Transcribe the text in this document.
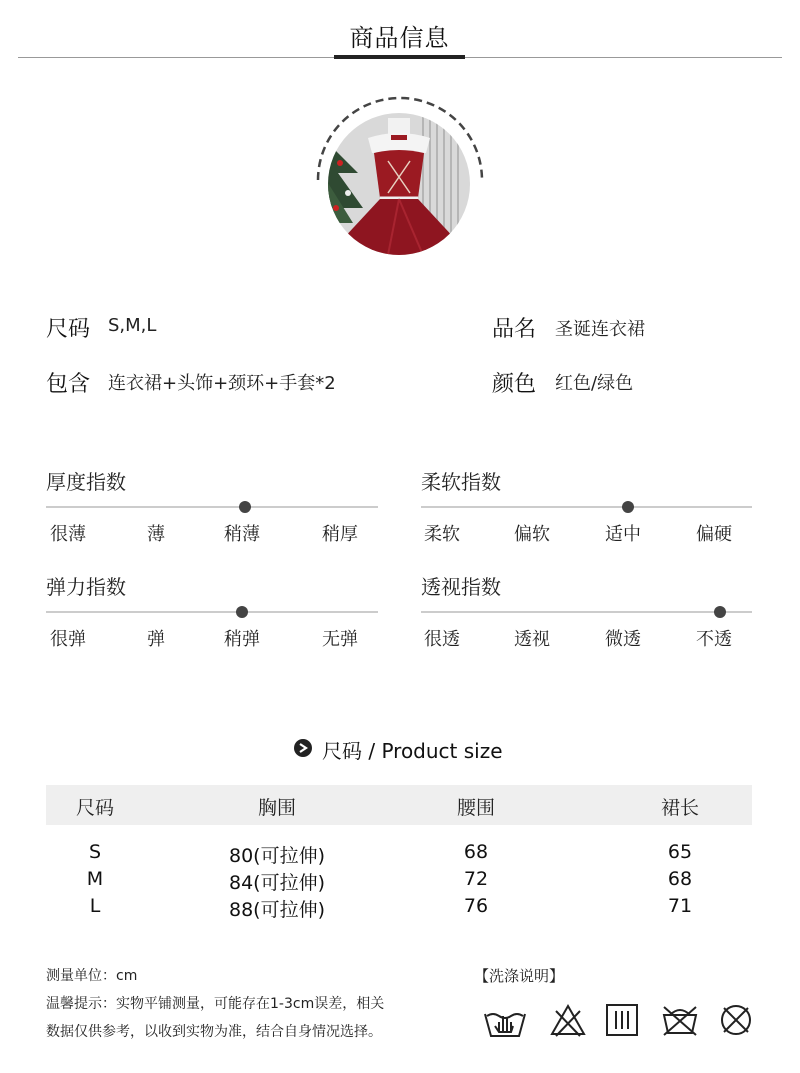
商品信息
尺码 S,M,L	品名 圣诞连衣裙
包含 连衣裙+头饰+颈环+手套*2	颜色 红色/绿色
厚度指数
很薄	薄	稍薄	稍厚
柔软指数
柔软	偏软	适中	偏硬
弹力指数
很弹	弹	稍弹	无弹
透视指数
很透	透视	微透	不透
尺码 / Product size
尺码	胸围	腰围	裙长
S	80(可拉伸)	68	65
M	84(可拉伸)	72	68
L	88(可拉伸)	76	71
测量单位：cm
温馨提示：实物平铺测量，可能存在1-3cm误差，相关
数据仅供参考，以收到实物为准，结合自身情况选择。
【洗涤说明】
